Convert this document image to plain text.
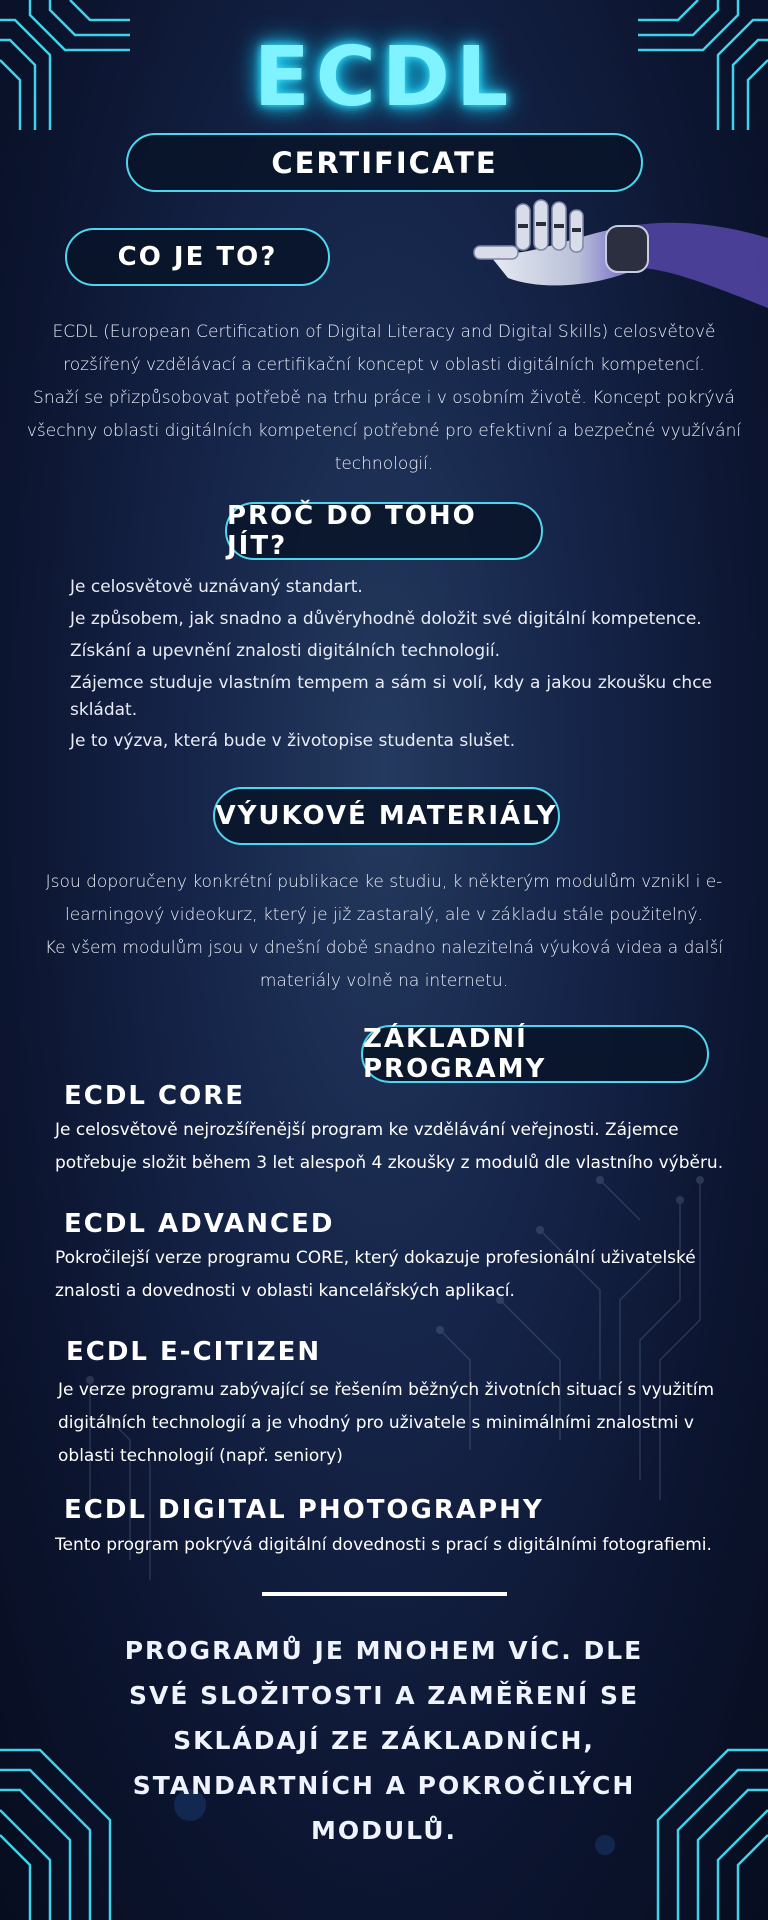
ECDL
CERTIFICATE
CO JE TO?
ECDL (European Certification of Digital Literacy and Digital Skills) celosvětově
rozšířený vzdělávací a certifikační koncept v oblasti digitálních kompetencí.
Snaží se přizpůsobovat potřebě na trhu práce i v osobním životě. Koncept pokrývá
všechny oblasti digitálních kompetencí potřebné pro efektivní a bezpečné využívání
technologií.
PROČ DO TOHO JÍT?
Je celosvětově uznávaný standart.
Je způsobem, jak snadno a důvěryhodně doložit své digitální kompetence.
Získání a upevnění znalosti digitálních technologií.
Zájemce studuje vlastním tempem a sám si volí, kdy a jakou zkoušku chce skládat.
Je to výzva, která bude v životopise studenta slušet.
VÝUKOVÉ MATERIÁLY
Jsou doporučeny konkrétní publikace ke studiu, k některým modulům vznikl i e-
learningový videokurz, který je již zastaralý, ale v základu stále použitelný.
Ke všem modulům jsou v dnešní době snadno nalezitelná výuková videa a další
materiály volně na internetu.
ZÁKLADNÍ PROGRAMY
ECDL CORE
Je celosvětově nejrozšířenější program ke vzdělávání veřejnosti. Zájemce
potřebuje složit během 3 let alespoň 4 zkoušky z modulů dle vlastního výběru.
ECDL ADVANCED
Pokročilejší verze programu CORE, který dokazuje profesionální uživatelské
znalosti a dovednosti v oblasti kancelářských aplikací.
ECDL E-CITIZEN
Je verze programu zabývající se řešením běžných životních situací s využitím
digitálních technologií a je vhodný pro uživatele s minimálními znalostmi v
oblasti technologií (např. seniory)
ECDL DIGITAL PHOTOGRAPHY
Tento program pokrývá digitální dovednosti s prací s digitálními fotografiemi.
PROGRAMŮ JE MNOHEM VÍC. DLE
SVÉ SLOŽITOSTI A ZAMĚŘENÍ SE
SKLÁDAJÍ ZE ZÁKLADNÍCH,
STANDARTNÍCH A POKROČILÝCH
MODULŮ.
